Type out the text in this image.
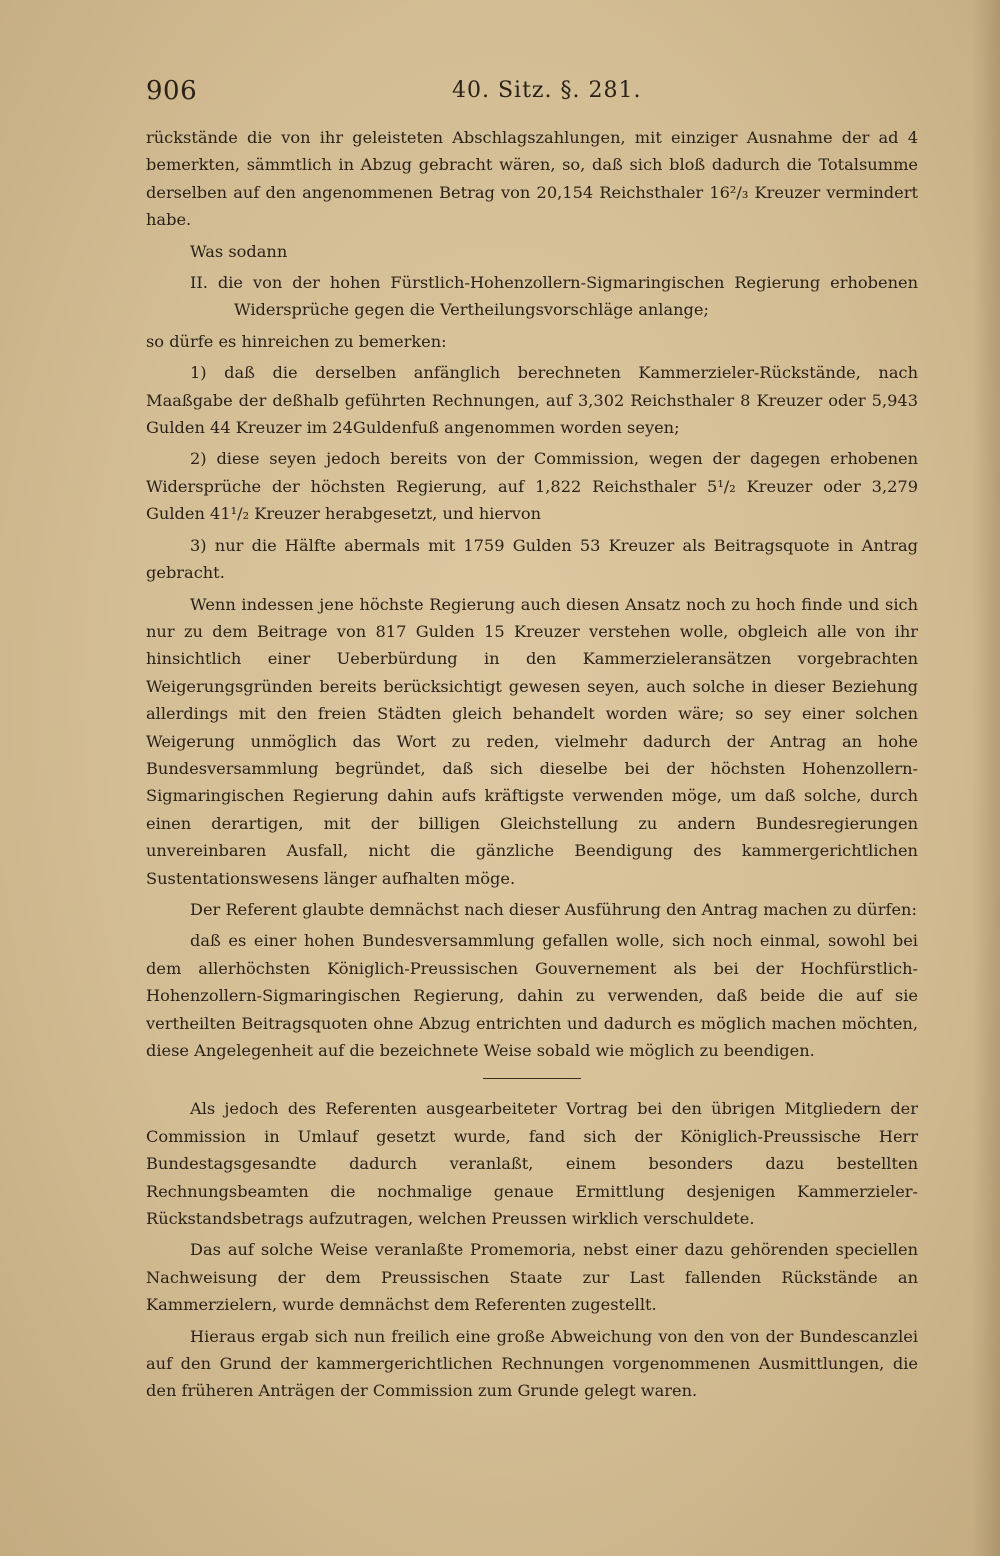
906	40. Sitz. §. 281.

rückstände die von ihr geleisteten Abschlagszahlungen, mit einziger Ausnahme der ad 4 bemerkten, sämmtlich in Abzug gebracht wären, so, daß sich bloß dadurch die Totalsumme derselben auf den angenommenen Betrag von 20,154 Reichsthaler 16²/₃ Kreuzer vermindert habe.

Was sodann

II. die von der hohen Fürstlich-Hohenzollern-Sigmaringischen Regierung erhobenen Widersprüche gegen die Vertheilungsvorschläge anlange;

so dürfe es hinreichen zu bemerken:

1) daß die derselben anfänglich berechneten Kammerzieler-Rückstände, nach Maaßgabe der deßhalb geführten Rechnungen, auf 3,302 Reichsthaler 8 Kreuzer oder 5,943 Gulden 44 Kreuzer im 24Guldenfuß angenommen worden seyen;

2) diese seyen jedoch bereits von der Commission, wegen der dagegen erhobenen Widersprüche der höchsten Regierung, auf 1,822 Reichsthaler 5¹/₂ Kreuzer oder 3,279 Gulden 41¹/₂ Kreuzer herabgesetzt, und hiervon

3) nur die Hälfte abermals mit 1759 Gulden 53 Kreuzer als Beitragsquote in Antrag gebracht.

Wenn indessen jene höchste Regierung auch diesen Ansatz noch zu hoch finde und sich nur zu dem Beitrage von 817 Gulden 15 Kreuzer verstehen wolle, obgleich alle von ihr hinsichtlich einer Ueberbürdung in den Kammerzieleransätzen vorgebrachten Weigerungsgründen bereits berücksichtigt gewesen seyen, auch solche in dieser Beziehung allerdings mit den freien Städten gleich behandelt worden wäre; so sey einer solchen Weigerung unmöglich das Wort zu reden, vielmehr dadurch der Antrag an hohe Bundesversammlung begründet, daß sich dieselbe bei der höchsten Hohenzollern-Sigmaringischen Regierung dahin aufs kräftigste verwenden möge, um daß solche, durch einen derartigen, mit der billigen Gleichstellung zu andern Bundesregierungen unvereinbaren Ausfall, nicht die gänzliche Beendigung des kammergerichtlichen Sustentationswesens länger aufhalten möge.

Der Referent glaubte demnächst nach dieser Ausführung den Antrag machen zu dürfen:

daß es einer hohen Bundesversammlung gefallen wolle, sich noch einmal, sowohl bei dem allerhöchsten Königlich-Preussischen Gouvernement als bei der Hochfürstlich-Hohenzollern-Sigmaringischen Regierung, dahin zu verwenden, daß beide die auf sie vertheilten Beitragsquoten ohne Abzug entrichten und dadurch es möglich machen möchten, diese Angelegenheit auf die bezeichnete Weise sobald wie möglich zu beendigen.

Als jedoch des Referenten ausgearbeiteter Vortrag bei den übrigen Mitgliedern der Commission in Umlauf gesetzt wurde, fand sich der Königlich-Preussische Herr Bundestagsgesandte dadurch veranlaßt, einem besonders dazu bestellten Rechnungsbeamten die nochmalige genaue Ermittlung desjenigen Kammerzieler-Rückstandsbetrags aufzutragen, welchen Preussen wirklich verschuldete.

Das auf solche Weise veranlaßte Promemoria, nebst einer dazu gehörenden speciellen Nachweisung der dem Preussischen Staate zur Last fallenden Rückstände an Kammerzielern, wurde demnächst dem Referenten zugestellt.

Hieraus ergab sich nun freilich eine große Abweichung von den von der Bundescanzlei auf den Grund der kammergerichtlichen Rechnungen vorgenommenen Ausmittlungen, die den früheren Anträgen der Commission zum Grunde gelegt waren.
